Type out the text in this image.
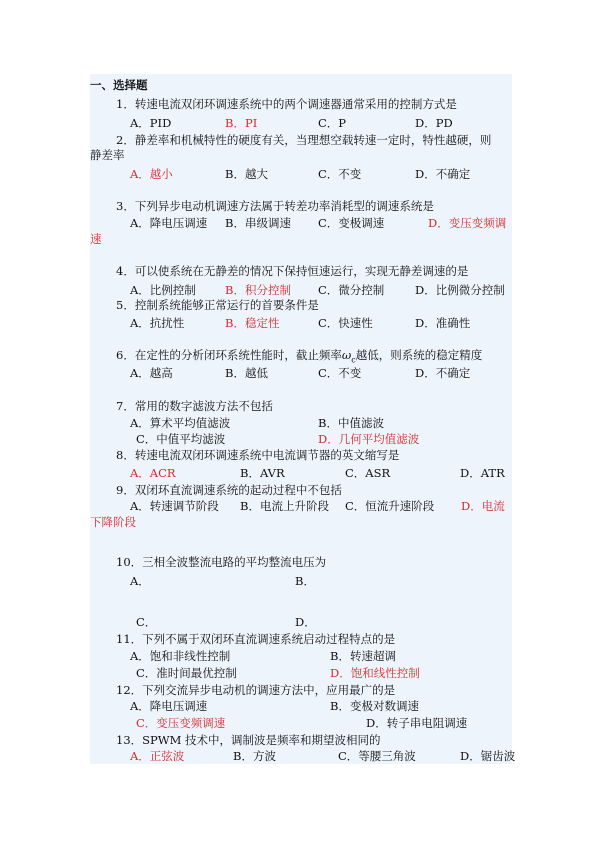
一、选择题
1．转速电流双闭环调速系统中的两个调速器通常采用的控制方式是
A．PID	B．PI	C．P	D．PD
2．静差率和机械特性的硬度有关，当理想空载转速一定时，特性越硬，则
静差率
A．越小	B．越大	C．不变	D．不确定
3．下列异步电动机调速方法属于转差功率消耗型的调速系统是
A．降电压调速 B．串级调速 C．变极调速	D．变压变频调
速
4．可以使系统在无静差的情况下保持恒速运行，实现无静差调速的是
A．比例控制	B．积分控制 C．微分控制	D．比例微分控制
5．控制系统能够正常运行的首要条件是
A．抗扰性	B．稳定性	C．快速性	D．准确性
6．在定性的分析闭环系统性能时，截止频率$\omega_c$越低，则系统的稳定精度
A．越高	B．越低	C．不变	D．不确定
7．常用的数字滤波方法不包括
A．算术平均值滤波	B．中值滤波
C．中值平均滤波	D．几何平均值滤波
8．转速电流双闭环调速系统中电流调节器的英文缩写是
A．ACR	B．AVR	C．ASR	D．ATR
9．双闭环直流调速系统的起动过程中不包括
A．转速调节阶段 B．电流上升阶段 C．恒流升速阶段 D．电流
下降阶段
10．三相全波整流电路的平均整流电压为
A．	B．
C．	D．
11．下列不属于双闭环直流调速系统启动过程特点的是
A．饱和非线性控制	B．转速超调
C．准时间最优控制	D．饱和线性控制
12．下列交流异步电动机的调速方法中，应用最广的是
A．降电压调速	B．变极对数调速
C．变压变频调速	D．转子串电阻调速
13．SPWM 技术中，调制波是频率和期望波相同的
A．正弦波	B．方波	C．等腰三角波	D．锯齿波
